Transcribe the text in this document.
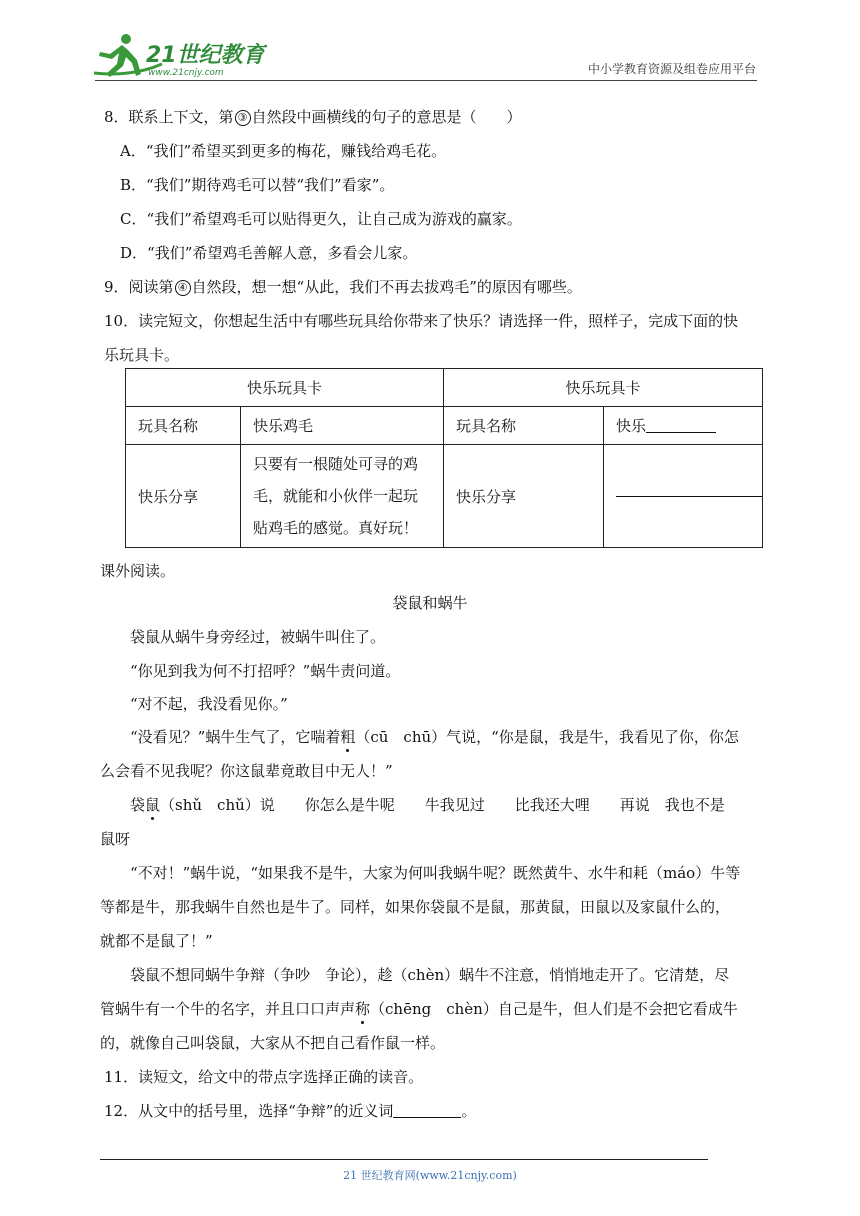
21世纪教育
www.21cnjy.com	中小学教育资源及组卷应用平台
8．联系上下文，第 ③ 自然段中画横线的句子的意思是（　　）
A．“我们”希望买到更多的梅花，赚钱给鸡毛花。
B．“我们”期待鸡毛可以替“我们”看家”。
C．“我们”希望鸡毛可以贴得更久，让自己成为游戏的赢家。
D．“我们”希望鸡毛善解人意，多看会儿家。
9．阅读第 ④ 自然段，想一想“从此，我们不再去拔鸡毛”的原因有哪些。
10．读完短文，你想起生活中有哪些玩具给你带来了快乐？请选择一件，照样子，完成下面的快
乐玩具卡。
快乐玩具卡		快乐玩具卡	
玩具名称	快乐鸡毛	玩具名称	快乐
快乐分享	只要有一根随处可寻的鸡毛，就能和小伙伴一起玩贴鸡毛的感觉。真好玩！	快乐分享	
课外阅读。
袋鼠和蜗牛
袋鼠从蜗牛身旁经过，被蜗牛叫住了。
“你见到我为何不打招呼？”蜗牛责问道。
“对不起，我没看见你。”
“没看见？”蜗牛生气了，它喘着粗（cū　chū）气说，“你是鼠，我是牛，我看见了你，你怎
么会看不见我呢？你这鼠辈竟敢目中无人！”
袋鼠（shǔ　chǔ）说　　你怎么是牛呢　　牛我见过　　比我还大哩　　再说　我也不是
鼠呀
“不对！”蜗牛说，“如果我不是牛，大家为何叫我蜗牛呢？既然黄牛、水牛和耗（máo）牛等
等都是牛，那我蜗牛自然也是牛了。同样，如果你袋鼠不是鼠，那黄鼠，田鼠以及家鼠什么的，
就都不是鼠了！”
袋鼠不想同蜗牛争辩（争吵　争论），趁（chèn）蜗牛不注意，悄悄地走开了。它清楚，尽
管蜗牛有一个牛的名字，并且口口声声称（chēng　chèn）自己是牛，但人们是不会把它看成牛
的，就像自己叫袋鼠，大家从不把自己看作鼠一样。
11．读短文，给文中的带点字选择正确的读音。
12．从文中的括号里，选择“争辩”的近义词	。
21 世纪教育网(www.21cnjy.com)
